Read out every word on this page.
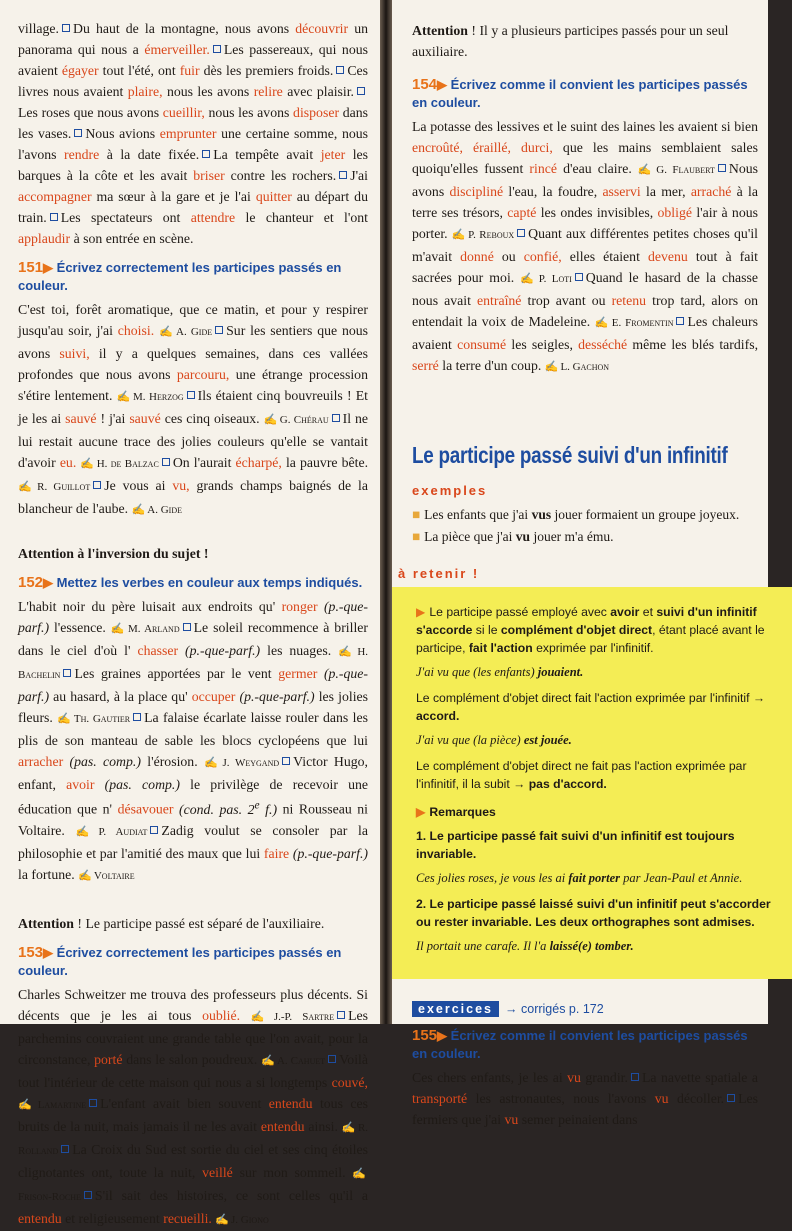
village. Du haut de la montagne, nous avons découvrir un panorama qui nous a émerveiller. Les passereaux, qui nous avaient égayer tout l'été, ont fuir dès les premiers froids. Ces livres nous avaient plaire, nous les avons relire avec plaisir.Les roses que nous avons cueillir, nous les avons disposer dans les vases. Nous avions emprunter une certaine somme, nous l'avons rendre à la date fixée. La tempête avait jeter les barques à la côte et les avait briser contre les rochers. J'ai accompagner ma sœur à la gare et je l'ai quitter au départ du train. Les spectateurs ont attendre le chanteur et l'ont applaudir à son entrée en scène.

151▶ Écrivez correctement les participes passés en couleur.

C'est toi, forêt aromatique, que ce matin, et pour y respirer jusqu'au soir, j'ai choisi. ✍ A. Gide Sur les sentiers que nous avons suivi, il y a quelques semaines, dans ces vallées profondes que nous avons parcouru, une étrange procession s'étire lentement. ✍ M. Herzog Ils étaient cinq bouvreuils ! Et je les ai sauvé ! j'ai sauvé ces cinq oiseaux. ✍ G. Chérau Il ne lui restait aucune trace des jolies couleurs qu'elle se vantait d'avoir eu. ✍ H. de Balzac On l'aurait écharpé, la pauvre bête. ✍ R. Guillot Je vous ai vu, grands champs baignés de la blancheur de l'aube. ✍ A. Gide

Attention à l'inversion du sujet !
152▶ Mettez les verbes en couleur aux temps indiqués.

L'habit noir du père luisait aux endroits qu' ronger (p.-que-parf.) l'essence. ✍ M. Arland Le soleil recommence à briller dans le ciel d'où l' chasser (p.-que-parf.) les nuages. ✍ H. Bachelin Les graines apportées par le vent germer (p.-que-parf.) au hasard, à la place qu' occuper (p.-que-parf.) les jolies fleurs. ✍ Th. Gautier La falaise écarlate laisse rouler dans les plis de son manteau de sable les blocs cyclopéens que lui arracher (pas. comp.) l'érosion. ✍ J. Weygand Victor Hugo, enfant, avoir (pas. comp.) le privilège de recevoir une éducation que n' désavouer (cond. pas. 2e f.) ni Rousseau ni Voltaire. ✍ P. Audiat Zadig voulut se consoler par la philosophie et par l'amitié des maux que lui faire (p.-que-parf.) la fortune. ✍ Voltaire

Attention ! Le participe passé est séparé de l'auxiliaire.
153▶ Écrivez correctement les participes passés en couleur.

Charles Schweitzer me trouva des professeurs plus décents. Si décents que je les ai tous oublié. ✍ J.-P. Sartre Les parchemins couvraient une grande table que l'on avait, pour la circonstance, porté dans le salon poudreux. ✍ A. Cahuet Voilà tout l'intérieur de cette maison qui nous a si longtemps couvé, ✍ Lamartine L'enfant avait bien souvent entendu tous ces bruits de la nuit, mais jamais il ne les avait entendu ainsi. ✍ R. Rolland La Croix du Sud est sortie du ciel et ses cinq étoiles clignotantes ont, toute la nuit, veillé sur mon sommeil. ✍Frison-Roche S'il sait des histoires, ce sont celles qu'il a entendu et religieusement recueilli. ✍ J. Giono

Attention ! Il y a plusieurs participes passés pour un seul auxiliaire.
154▶ Écrivez comme il convient les participes passés en couleur.

La potasse des lessives et le suint des laines les avaient si bien encroûté, éraillé, durci, que les mains semblaient sales quoiqu'elles fussent rincé d'eau claire. ✍ G. Flaubert Nous avons discipliné l'eau, la foudre, asservi la mer, arraché à la terre ses trésors, capté les ondes invisibles, obligé l'air à nous porter. ✍ P. Reboux Quant aux différentes petites choses qu'il m'avait donné ou confié, elles étaient devenu tout à fait sacrées pour moi. ✍ P. Loti Quand le hasard de la chasse nous avait entraîné trop avant ou retenu trop tard, alors on entendait la voix de Madeleine. ✍ E. Fromentin Les chaleurs avaient consumé les seigles, desséché même les blés tardifs, serré la terre d'un coup. ✍ L. Gachon

Le participe passé suivi d'un infinitif
exemples
■ Les enfants que j'ai vus jouer formaient un groupe joyeux.
■ La pièce que j'ai vu jouer m'a ému.
à retenir !

▶ Le participe passé employé avec avoir et suivi d'un infinitif s'accorde si le complément d'objet direct, étant placé avant le participe, fait l'action exprimée par l'infinitif.

J'ai vu que (les enfants) jouaient.

Le complément d'objet direct fait l'action exprimée par l'infinitif → accord.

J'ai vu que (la pièce) est jouée.

Le complément d'objet direct ne fait pas l'action exprimée par l'infinitif, il la subit → pas d'accord.

▶ Remarques

1. Le participe passé fait suivi d'un infinitif est toujours invariable.

Ces jolies roses, je vous les ai fait porter par Jean-Paul et Annie.

2. Le participe passé laissé suivi d'un infinitif peut s'accorder ou rester invariable. Les deux orthographes sont admises.

Il portait une carafe. Il l'a laissé(e) tomber.

exercices → corrigés p. 172
155▶ Écrivez comme il convient les participes passés en couleur.

Ces chers enfants, je les ai vu grandir. La navette spatiale a transporté les astronautes, nous l'avons vu décoller. Les fermiers que j'ai vu semer peinaient dans
